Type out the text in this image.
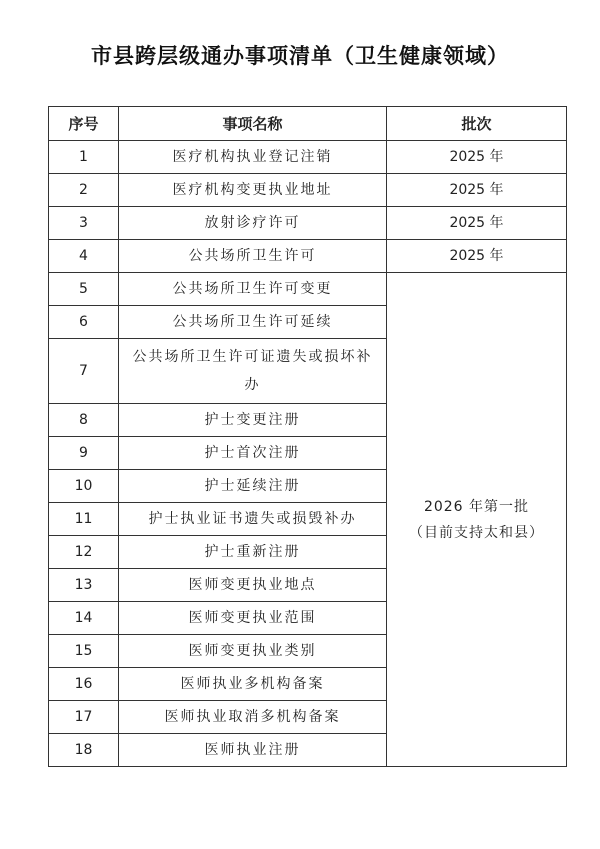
市县跨层级通办事项清单（卫生健康领域）
序号	事项名称	批次
1	医疗机构执业登记注销	2025 年
2	医疗机构变更执业地址	2025 年
3	放射诊疗许可	2025 年
4	公共场所卫生许可	2025 年
5	公共场所卫生许可变更	2026 年第一批
（目前支持太和县）

6	公共场所卫生许可延续	
7	公共场所卫生许可证遗失或损坏补办	
8	护士变更注册	
9	护士首次注册	
10	护士延续注册	
11	护士执业证书遗失或损毁补办	
12	护士重新注册	
13	医师变更执业地点	
14	医师变更执业范围	
15	医师变更执业类别	
16	医师执业多机构备案	
17	医师执业取消多机构备案	
18	医师执业注册	
